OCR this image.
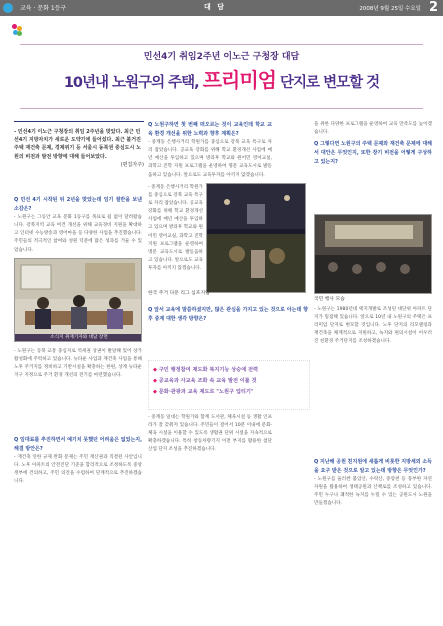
교육 · 문화 1등구	대 담	2008년 9월 25일 수요일 2
민선4기 취임2주년 이노근 구청장 대담
10년내 노원구의 주택, 프리미엄 단지로 변모할 것
- 민선4기 이노근 구청장의 취임 2주년을 맞았다. 최근 민선4기 지방자치가 새로운 도약기에 들어섰다. 최근 불거진 주택 재건축 문제, 경제위기 등 서울시 동북권 중심도시 노원의 비전과 발전 방향에 대해 들어보았다.
(편집자주)
Q 민선 4기 시작된 뒤 2년을 맞았는데 임기 절반을 보낸 소감은?
- 노원구는 그동안 교육 문화 1등구를 목표로 쉼 없이 달려왔습니다. 강북지역 교육 여건 개선을 위해 교육경비 지원을 확대하고 인터넷 수능방송과 영어마을 등 다양한 사업을 추진했습니다. 주민들의 적극적인 참여와 성원 덕분에 많은 성과를 거둘 수 있었습니다.
소식지 취재기자와 대담 장면
- 노원구는 동북 교통 중심지로 역세권 상권이 발달해 있어 상가 활성화에 주력하고 있습니다. 뉴타운 사업과 재건축 사업을 통해 노후 주거지를 정비하고 기반시설을 확충하는 한편, 상계 뉴타운 지구 지정으로 주거 환경 개선의 전기를 마련했습니다.
Q 임대료를 추진하면서 예기치 못했던 어려움은 없었는지, 해결 방안은?
- 재건축 연한 규제 완화 문제는 주민 재산권과 직결된 사안입니다. 노후 아파트의 안전진단 기준을 합리적으로 조정하도록 중앙정부에 건의하고, 주민 의견을 수렴하여 단계적으로 추진하겠습니다.
Q 노원구하면 첫 번째 떠오르는 것이 교육인데 학교 교육 환경 개선을 위한 노력과 향후 계획은?
- 중계동 은행사거리 학원가를 중심으로 강북 교육 특구로 자리 잡았습니다. 공교육 강화를 위해 학교 환경개선 사업에 매년 예산을 투입하고 있으며 방과후 학교와 원어민 영어교실, 과학고 진학 지원 프로그램을 운영하여 명문 교육도시로 발돋움하고 있습니다. 앞으로도 교육투자를 아끼지 않겠습니다.
- 중계동 은행사거리 학원가를 중심으로 강북 교육 특구로 자리 잡았습니다. 공교육 강화를 위해 학교 환경개선 사업에 매년 예산을 투입하고 있으며 방과후 학교와 원어민 영어교실, 과학고 진학 지원 프로그램을 운영하여 명문 교육도시로 발돋움하고 있습니다. 앞으로도 교육투자를 아끼지 않겠습니다.
한국 주거 다문 리그 심포지엄
Q 앞서 교육에 말씀하셨지만, 많은 관심을 가지고 있는 것으로 아는데 향후 중계 대한 생각 방향은?
◆ 구민 행정참여 제도화 복지기능 상승에 전력
◆ 공교육과 사교육 조화 속 교육 발전 이룰 것
◆ 문화·관광과 교육 제도로 "노원구 업티기"
- 중계동 일대는 학원가와 함께 도서관, 체육시설 등 생활 인프라가 잘 갖춰져 있습니다. 주민들이 걸어서 10분 이내에 문화·체육 시설을 이용할 수 있도록 생활권 단위 시설을 지속적으로 확충하겠습니다. 특히 창동차량기지 이전 부지를 활용한 첨단 산업 단지 조성을 추진하겠습니다.
을 위한 다양한 프로그램을 운영하여 교육 만족도를 높이겠습니다.
Q 그렇다면 노원구의 주택 문제와 재건축 문제에 대해서 대안은 무엇인지, 또한 장기 비전을 어떻게 구상하고 있는지?
국민 행사 모습
- 노원구는 1980년대 택지개발로 조성된 대단위 아파트 단지가 밀집해 있습니다. 앞으로 10년 내 노원구의 주택은 프리미엄 단지로 변모할 것입니다. 노후 단지의 리모델링과 재건축을 체계적으로 지원하고, 녹지와 편의시설이 어우러진 친환경 주거단지를 조성하겠습니다.
Q 지난해 공원 친지원에 새롭게 비롯한 지방세외 소득을 요구 받은 것으로 알고 있는데 방향은 무엇인가?
- 노원구를 둘러싼 불암산, 수락산, 중랑천 등 풍부한 자연 자원을 활용하여 생태공원과 산책로를 조성하고 있습니다. 주민 누구나 쾌적한 녹지를 누릴 수 있는 공원도시 노원을 만들겠습니다.
